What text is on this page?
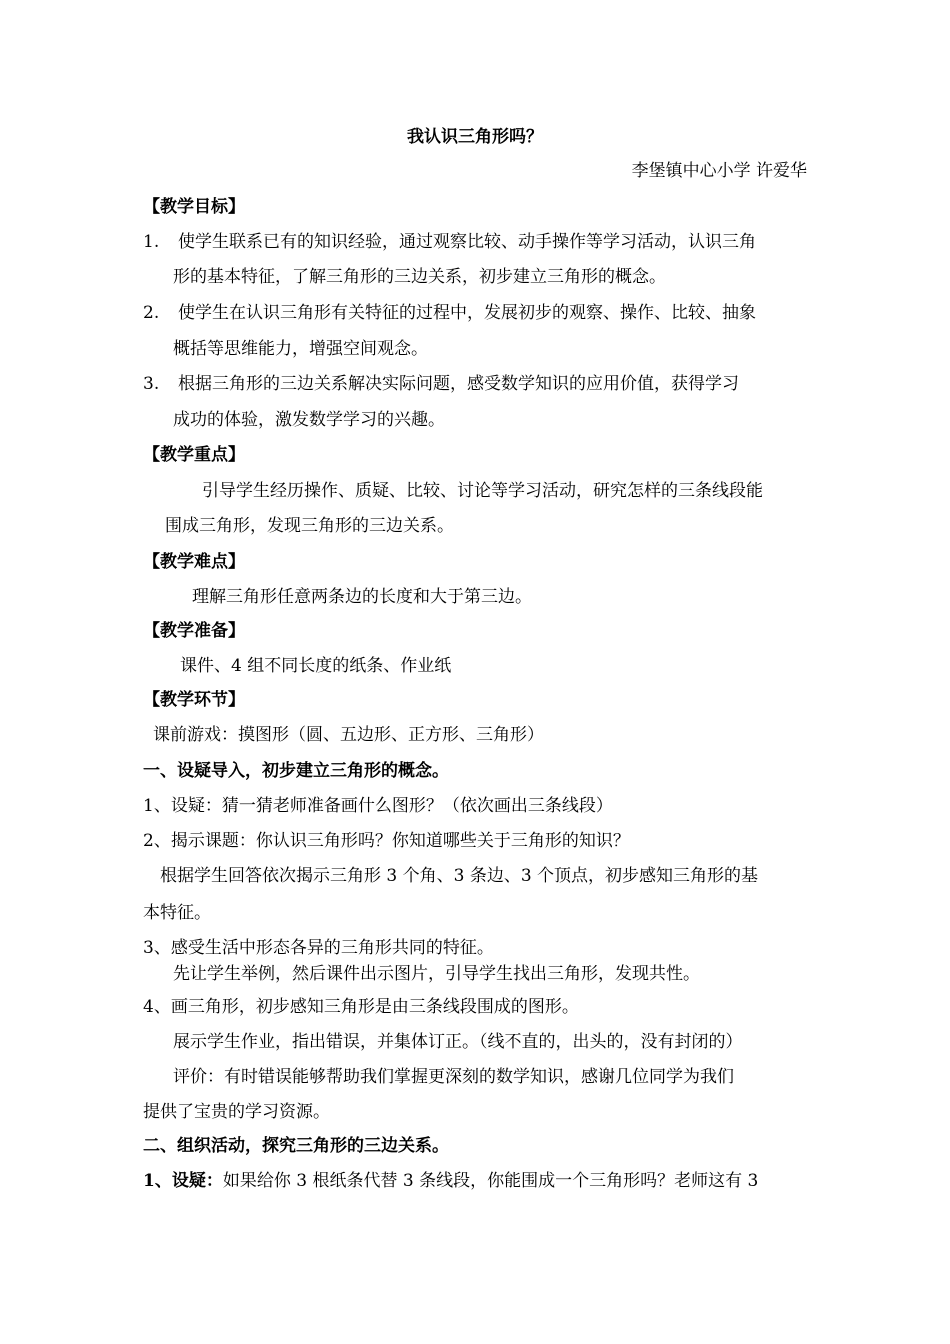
我认识三角形吗？
李堡镇中心小学 许爱华
【教学目标】
1. 使学生联系已有的知识经验，通过观察比较、动手操作等学习活动，认识三角
形的基本特征，了解三角形的三边关系，初步建立三角形的概念。
2. 使学生在认识三角形有关特征的过程中，发展初步的观察、操作、比较、抽象
概括等思维能力，增强空间观念。
3. 根据三角形的三边关系解决实际问题，感受数学知识的应用价值，获得学习
成功的体验，激发数学学习的兴趣。
【教学重点】
引导学生经历操作、质疑、比较、讨论等学习活动，研究怎样的三条线段能
围成三角形，发现三角形的三边关系。
【教学难点】
理解三角形任意两条边的长度和大于第三边。
【教学准备】
课件、4 组不同长度的纸条、作业纸
【教学环节】
课前游戏：摸图形（圆、五边形、正方形、三角形）
一、设疑导入，初步建立三角形的概念。
1、设疑：猜一猜老师准备画什么图形？（依次画出三条线段）
2、揭示课题：你认识三角形吗？你知道哪些关于三角形的知识？
根据学生回答依次揭示三角形 3 个角、3 条边、3 个顶点，初步感知三角形的基
本特征。
3、感受生活中形态各异的三角形共同的特征。
先让学生举例，然后课件出示图片，引导学生找出三角形，发现共性。
4、画三角形，初步感知三角形是由三条线段围成的图形。
展示学生作业，指出错误，并集体订正。（线不直的，出头的，没有封闭的）
评价：有时错误能够帮助我们掌握更深刻的数学知识，感谢几位同学为我们
提供了宝贵的学习资源。
二、组织活动，探究三角形的三边关系。
1、设疑：如果给你 3 根纸条代替 3 条线段，你能围成一个三角形吗？老师这有 3
